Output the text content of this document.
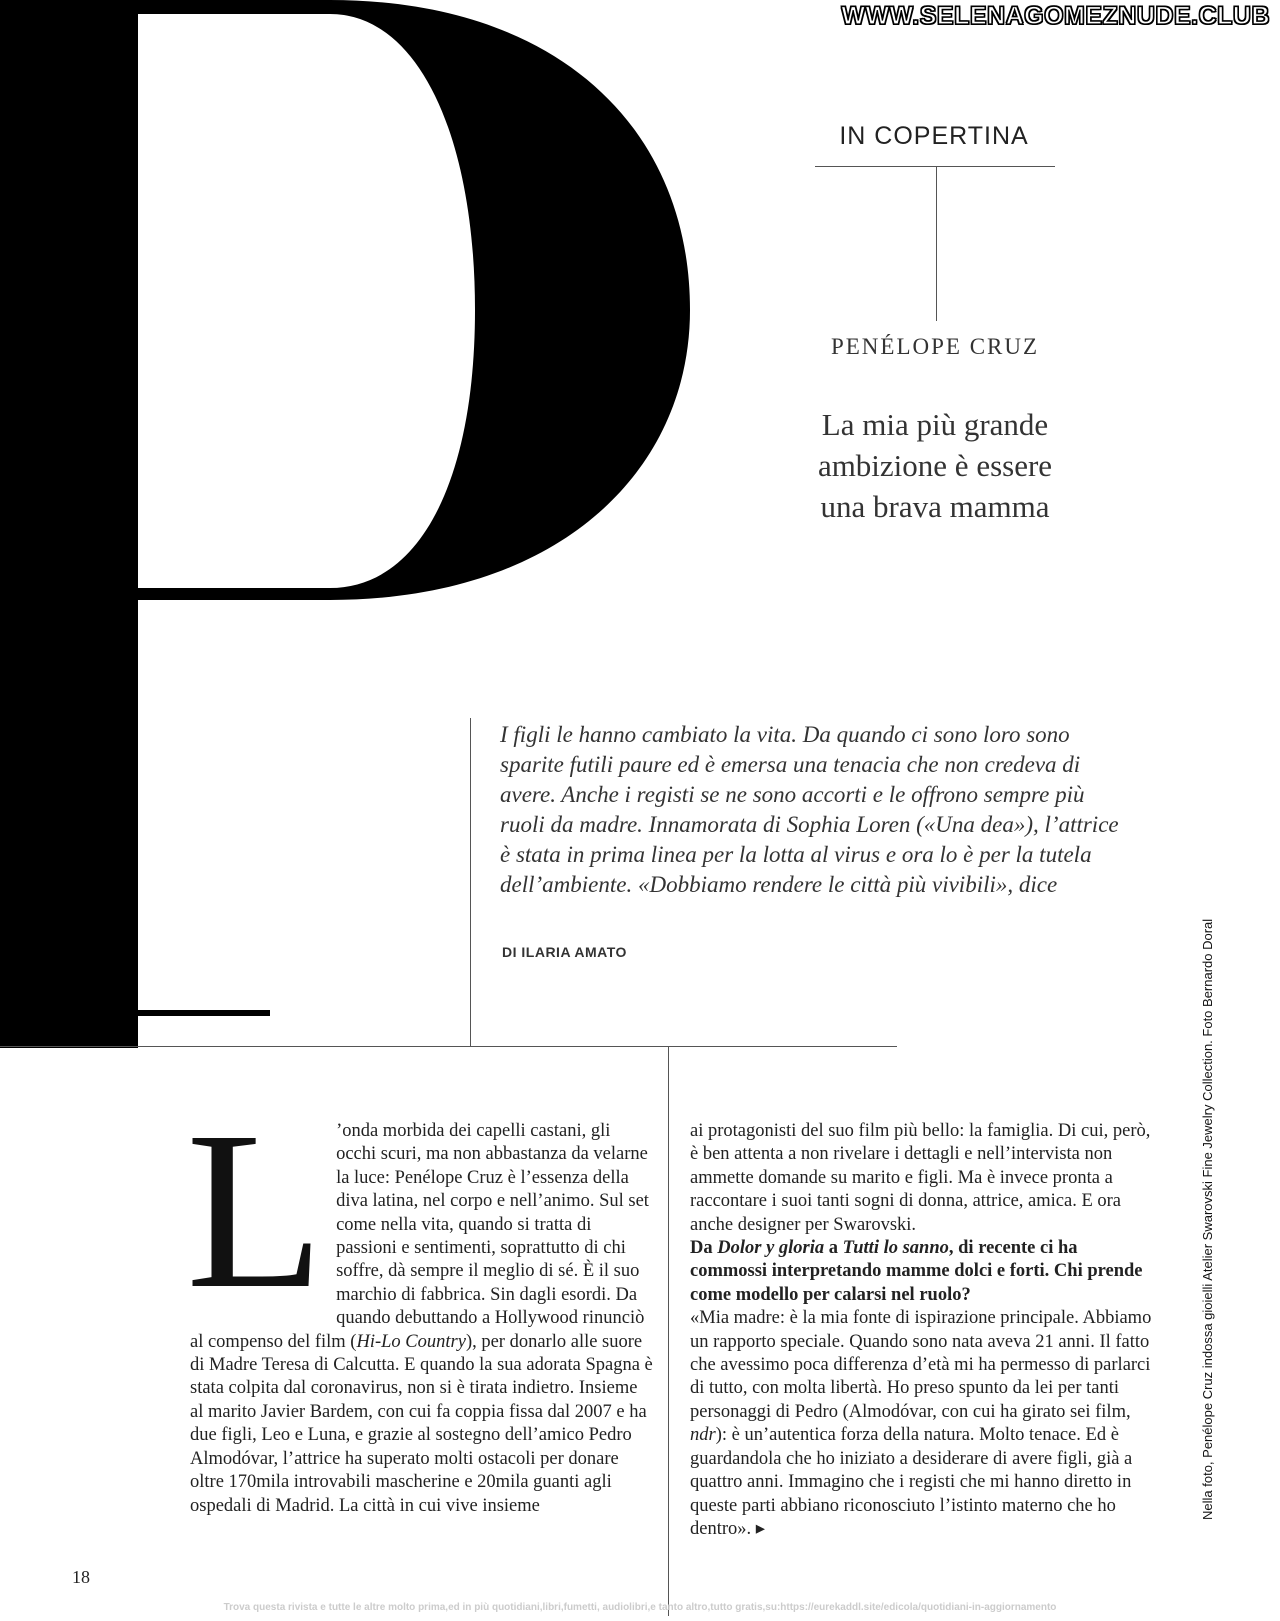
WWW.SELENAGOMEZNUDE.CLUB
IN COPERTINA
PENÉLOPE CRUZ
La mia più grande
ambizione è essere
una brava mamma
I figli le hanno cambiato la vita. Da quando ci sono loro sono
sparite futili paure ed è emersa una tenacia che non credeva di
avere. Anche i registi se ne sono accorti e le offrono sempre più
ruoli da madre. Innamorata di Sophia Loren («Una dea»), l’attrice
è stata in prima linea per la lotta al virus e ora lo è per la tutela
dell’ambiente. «Dobbiamo rendere le città più vivibili», dice
DI ILARIA AMATO
L ’onda morbida dei capelli castani, gli occhi scuri, ma non abbastanza da velarne la luce: Penélope Cruz è l’essenza della diva latina, nel corpo e nell’animo. Sul set come nella vita, quando si tratta di passioni e sentimenti, soprattutto di chi soffre, dà sempre il meglio di sé. È il suo marchio di fabbrica. Sin dagli esordi. Da quando debuttando a Hollywood rinunciò al compenso del film (Hi-Lo Country), per donarlo alle suore di Madre Teresa di Calcutta. E quando la sua adorata Spagna è stata colpita dal coronavirus, non si è tirata indietro. Insieme al marito Javier Bardem, con cui fa coppia fissa dal 2007 e ha due figli, Leo e Luna, e grazie al sostegno dell’amico Pedro Almodóvar, l’attrice ha superato molti ostacoli per donare oltre 170mila introvabili mascherine e 20mila guanti agli ospedali di Madrid. La città in cui vive insieme

ai protagonisti del suo film più bello: la famiglia. Di cui, però, è ben attenta a non rivelare i dettagli e nell’intervista non ammette domande su marito e figli. Ma è invece pronta a raccontare i suoi tanti sogni di donna, attrice, amica. E ora anche designer per Swarovski.

Da Dolor y gloria a Tutti lo sanno, di recente ci ha commossi interpretando mamme dolci e forti. Chi prende come modello per calarsi nel ruolo?

«Mia madre: è la mia fonte di ispirazione principale. Abbiamo un rapporto speciale. Quando sono nata aveva 21 anni. Il fatto che avessimo poca differenza d’età mi ha permesso di parlarci di tutto, con molta libertà. Ho preso spunto da lei per tanti personaggi di Pedro (Almodóvar, con cui ha girato sei film, ndr): è un’autentica forza della natura. Molto tenace. Ed è guardandola che ho iniziato a desiderare di avere figli, già a quattro anni. Immagino che i registi che mi hanno diretto in queste parti abbiano riconosciuto l’istinto materno che ho dentro». ▸

18
Nella foto, Penélope Cruz indossa gioielli Atelier Swarovski Fine Jewelry Collection. Foto Bernardo Doral
Trova questa rivista e tutte le altre molto prima,ed in più quotidiani,libri,fumetti, audiolibri,e tanto altro,tutto gratis,su:https://eurekaddl.site/edicola/quotidiani-in-aggiornamento
